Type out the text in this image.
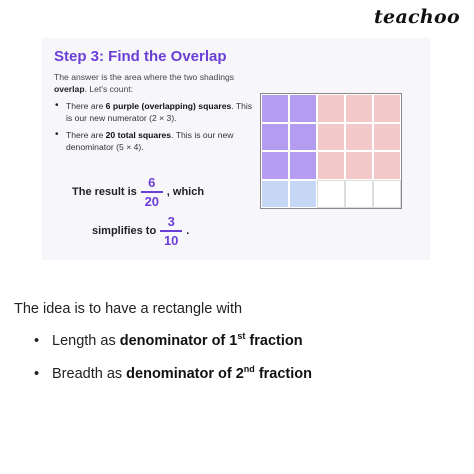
teachoo
Step 3: Find the Overlap
The answer is the area where the two shadings overlap. Let's count:
• There are 6 purple (overlapping) squares. This is our new numerator (2 × 3).
• There are 20 total squares. This is our new denominator (5 × 4).
The result is $\frac{6}{20}$ , which
simplifies to $\frac{3}{10}$ .
The idea is to have a rectangle with
• Length as denominator of 1st fraction
• Breadth as denominator of 2nd fraction
